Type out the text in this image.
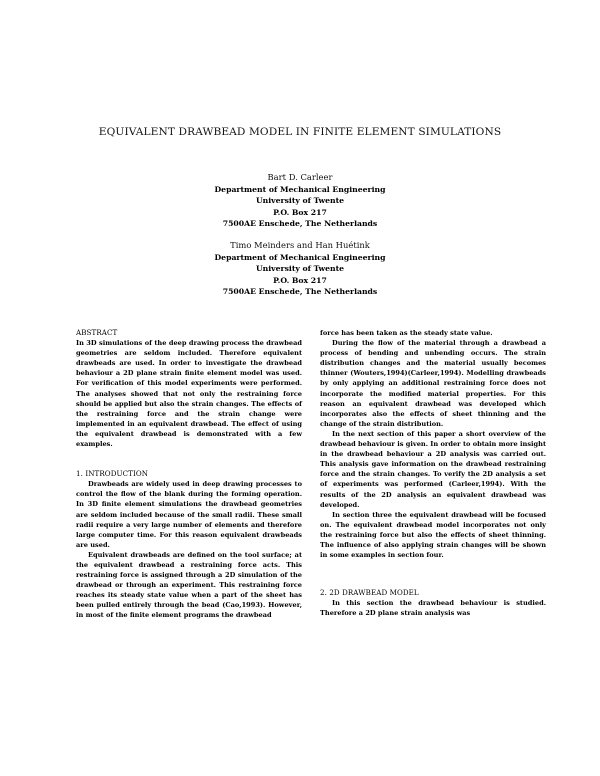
EQUIVALENT DRAWBEAD MODEL IN FINITE ELEMENT SIMULATIONS
Bart D. Carleer
Department of Mechanical Engineering
University of Twente
P.O. Box 217
7500AE Enschede, The Netherlands
Timo Meinders and Han Huétink
Department of Mechanical Engineering
University of Twente
P.O. Box 217
7500AE Enschede, The Netherlands
ABSTRACT

In 3D simulations of the deep drawing process the drawbead geometries are seldom included. Therefore equivalent drawbeads are used. In order to investigate the drawbead behaviour a 2D plane strain finite element model was used. For verification of this model experiments were performed. The analyses showed that not only the restraining force should be applied but also the strain changes. The effects of the restraining force and the strain change were implemented in an equivalent drawbead. The effect of using the equivalent drawbead is demonstrated with a few examples.

1. INTRODUCTION

Drawbeads are widely used in deep drawing processes to control the flow of the blank during the forming operation. In 3D finite element simulations the drawbead geometries are seldom included because of the small radii. These small radii require a very large number of elements and therefore large computer time. For this reason equivalent drawbeads are used.

Equivalent drawbeads are defined on the tool surface; at the equivalent drawbead a restraining force acts. This restraining force is assigned through a 2D simulation of the drawbead or through an experiment. This restraining force reaches its steady state value when a part of the sheet has been pulled entirely through the bead (Cao,1993). However, in most of the finite element programs the drawbead

force has been taken as the steady state value.

During the flow of the material through a drawbead a process of bending and unbending occurs. The strain distribution changes and the material usually becomes thinner (Wouters,1994)(Carleer,1994). Modelling drawbeads by only applying an additional restraining force does not incorporate the modified material properties. For this reason an equivalent drawbead was developed which incorporates also the effects of sheet thinning and the change of the strain distribution.

In the next section of this paper a short overview of the drawbead behaviour is given. In order to obtain more insight in the drawbead behaviour a 2D analysis was carried out. This analysis gave information on the drawbead restraining force and the strain changes. To verify the 2D analysis a set of experiments was performed (Carleer,1994). With the results of the 2D analysis an equivalent drawbead was developed.

In section three the equivalent drawbead will be focused on. The equivalent drawbead model incorporates not only the restraining force but also the effects of sheet thinning. The influence of also applying strain changes will be shown in some examples in section four.

2. 2D DRAWBEAD MODEL

In this section the drawbead behaviour is studied. Therefore a 2D plane strain analysis was
